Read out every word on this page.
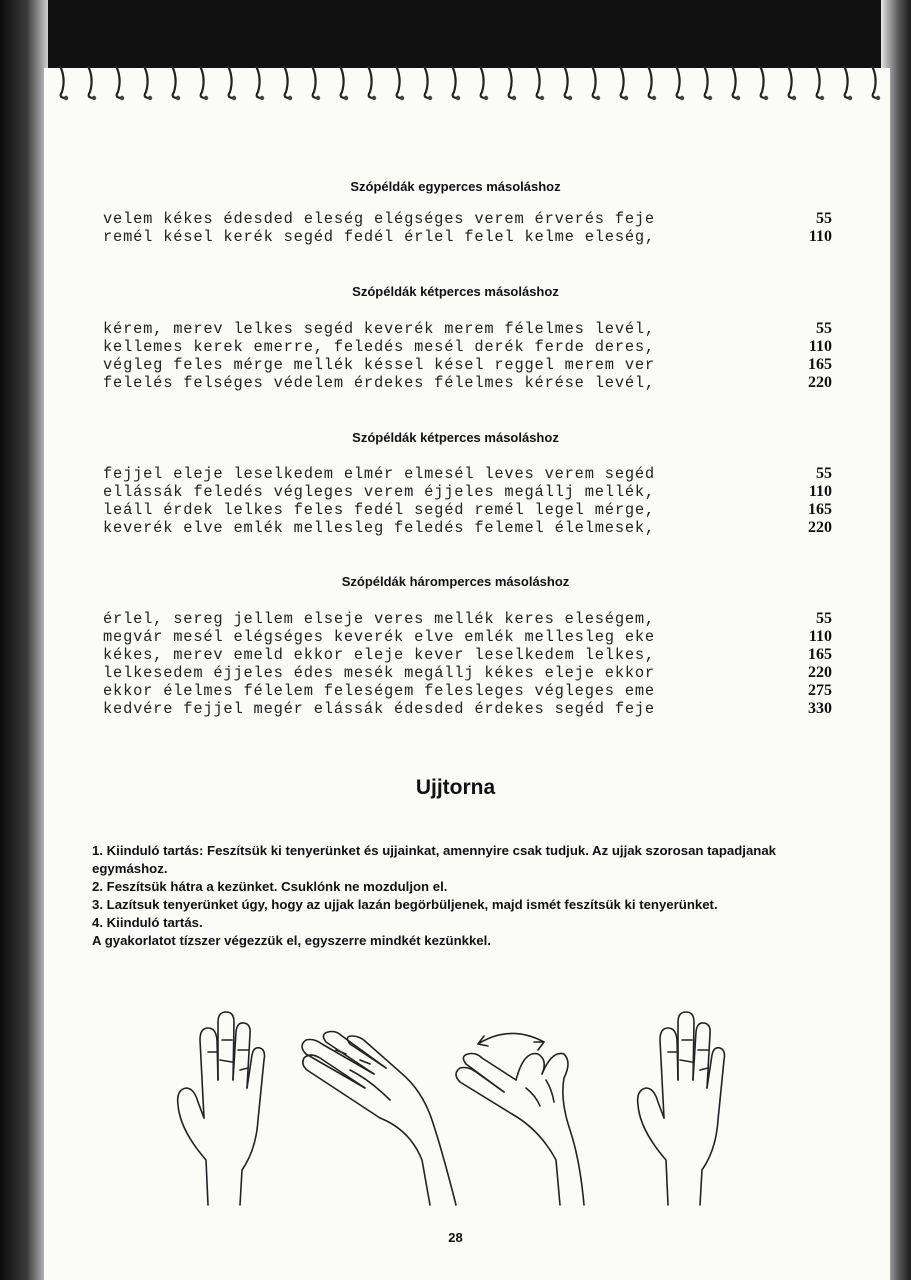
Szópéldák egyperces másoláshoz
velem kékes édesded eleség elégséges verem érverés feje
remél késel kerék segéd fedél érlel felel kelme eleség,
55
110
Szópéldák kétperces másoláshoz
kérem, merev lelkes segéd keverék merem félelmes levél,
kellemes kerek emerre, feledés mesél derék ferde deres,
végleg feles mérge mellék késsel késel reggel merem ver
felelés felséges védelem érdekes félelmes kérése levél,
55
110
165
220
Szópéldák kétperces másoláshoz
fejjel eleje leselkedem elmér elmesél leves verem segéd
ellássák feledés végleges verem éjjeles megállj mellék,
leáll érdek lelkes feles fedél segéd remél legel mérge,
keverék elve emlék mellesleg feledés felemel élelmesek,
55
110
165
220
Szópéldák háromperces másoláshoz
érlel, sereg jellem elseje veres mellék keres eleségem,
megvár mesél elégséges keverék elve emlék mellesleg eke
kékes, merev emeld ekkor eleje kever leselkedem lelkes,
lelkesedem éjjeles édes mesék megállj kékes eleje ekkor
ekkor élelmes félelem feleségem felesleges végleges eme
kedvére fejjel megér elássák édesded érdekes segéd feje
55
110
165
220
275
330
Ujjtorna

1. Kiinduló tartás: Feszítsük ki tenyerünket és ujjainkat, amennyire csak tudjuk. Az ujjak szorosan tapadjanak egymáshoz.

2. Feszítsük hátra a kezünket. Csuklónk ne mozduljon el.

3. Lazítsuk tenyerünket úgy, hogy az ujjak lazán begörbüljenek, majd ismét feszítsük ki tenyerünket.

4. Kiinduló tartás.

A gyakorlatot tízszer végezzük el, egyszerre mindkét kezünkkel.

28
